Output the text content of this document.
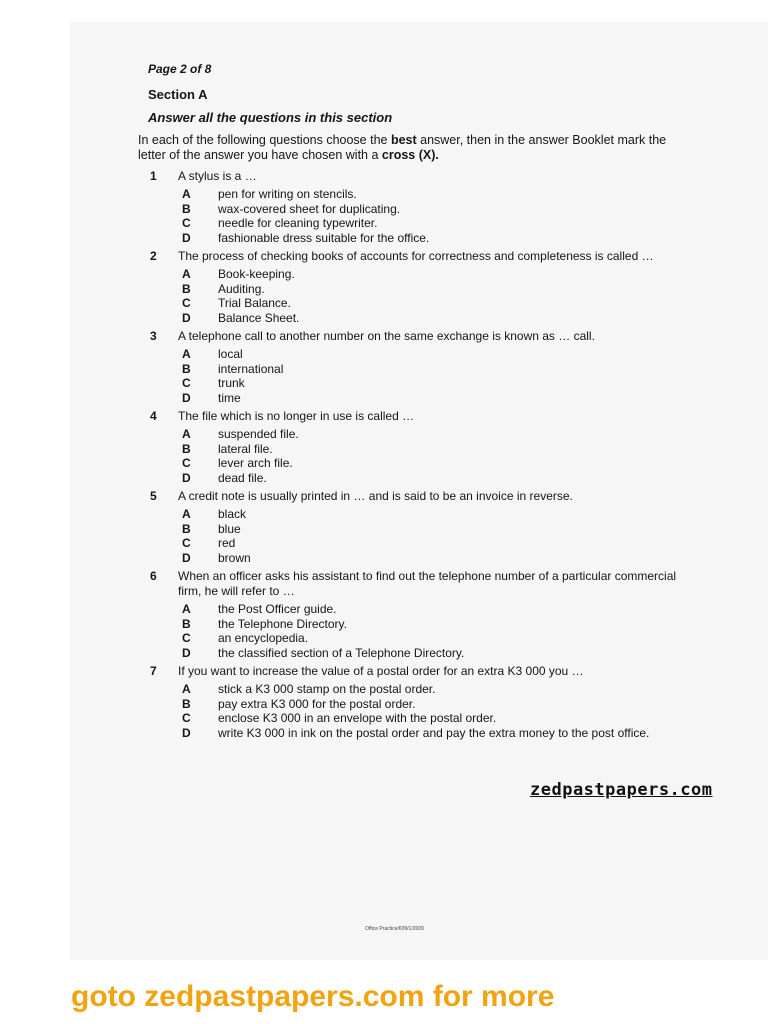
Page 2 of 8
Section A
Answer all the questions in this section
In each of the following questions choose the best answer, then in the answer Booklet mark the letter of the answer you have chosen with a cross (X).
1 A stylus is a …
A	pen for writing on stencils.
B	wax-covered sheet for duplicating.
C	needle for cleaning typewriter.
D	fashionable dress suitable for the office.
2 The process of checking books of accounts for correctness and completeness is called …
A	Book-keeping.
B	Auditing.
C	Trial Balance.
D	Balance Sheet.
3 A telephone call to another number on the same exchange is known as … call.
A	local
B	international
C	trunk
D	time
4 The file which is no longer in use is called …
A	suspended file.
B	lateral file.
C	lever arch file.
D	dead file.
5 A credit note is usually printed in … and is said to be an invoice in reverse.
A	black
B	blue
C	red
D	brown
6 When an officer asks his assistant to find out the telephone number of a particular commercial firm, he will refer to …
A	the Post Officer guide.
B	the Telephone Directory.
C	an encyclopedia.
D	the classified section of a Telephone Directory.
7 If you want to increase the value of a postal order for an extra K3 000 you …
A	stick a K3 000 stamp on the postal order.
B	pay extra K3 000 for the postal order.
C	enclose K3 000 in an envelope with the postal order.
D	write K3 000 in ink on the postal order and pay the extra money to the post office.
zedpastpapers.com
Office Practice/609/1/2009
goto zedpastpapers.com for more
